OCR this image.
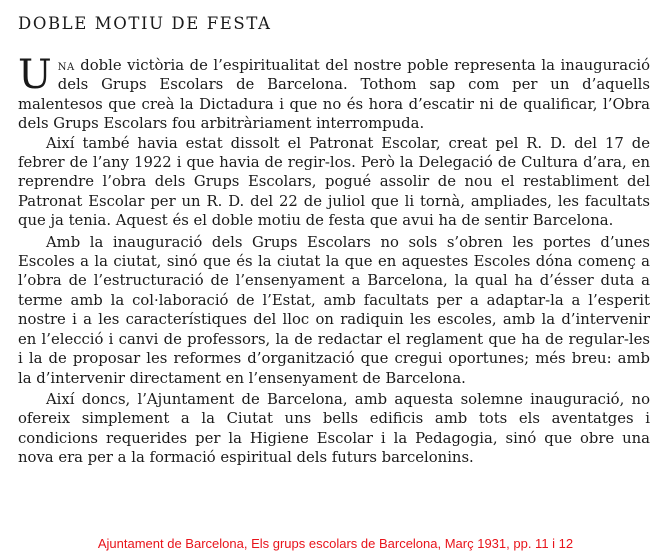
DOBLE MOTIU DE FESTA

Una doble victòria de l’espiritualitat del nostre poble representa la inauguració dels Grups Escolars de Barcelona. Tothom sap com per un d’aquells malentesos que creà la Dictadura i que no és hora d’escatir ni de qualificar, l’Obra dels Grups Escolars fou arbitràriament interrompuda.

Així també havia estat dissolt el Patronat Escolar, creat pel R. D. del 17 de febrer de l’any 1922 i que havia de regir-los. Però la Delegació de Cultura d’ara, en reprendre l’obra dels Grups Escolars, pogué assolir de nou el restabliment del Patronat Escolar per un R. D. del 22 de juliol que li tornà, ampliades, les facultats que ja tenia. Aquest és el doble motiu de festa que avui ha de sentir Barcelona.

Amb la inauguració dels Grups Escolars no sols s’obren les portes d’unes Escoles a la ciutat, sinó que és la ciutat la que en aquestes Escoles dóna començ a l’obra de l’estructuració de l’ensenyament a Barcelona, la qual ha d’ésser duta a terme amb la col·laboració de l’Estat, amb facultats per a adaptar-la a l’esperit nostre i a les característiques del lloc on radiquin les escoles, amb la d’intervenir en l’elecció i canvi de professors, la de redactar el reglament que ha de regular-les i la de proposar les reformes d’organització que cregui oportunes; més breu: amb la d’intervenir directament en l’ensenyament de Barcelona.

Així doncs, l’Ajuntament de Barcelona, amb aquesta solemne inauguració, no ofereix simplement a la Ciutat uns bells edificis amb tots els aventatges i condicions requerides per la Higiene Escolar i la Pedagogia, sinó que obre una nova era per a la formació espiritual dels futurs barcelonins.

Ajuntament de Barcelona, Els grups escolars de Barcelona, Març 1931, pp. 11 i 12
